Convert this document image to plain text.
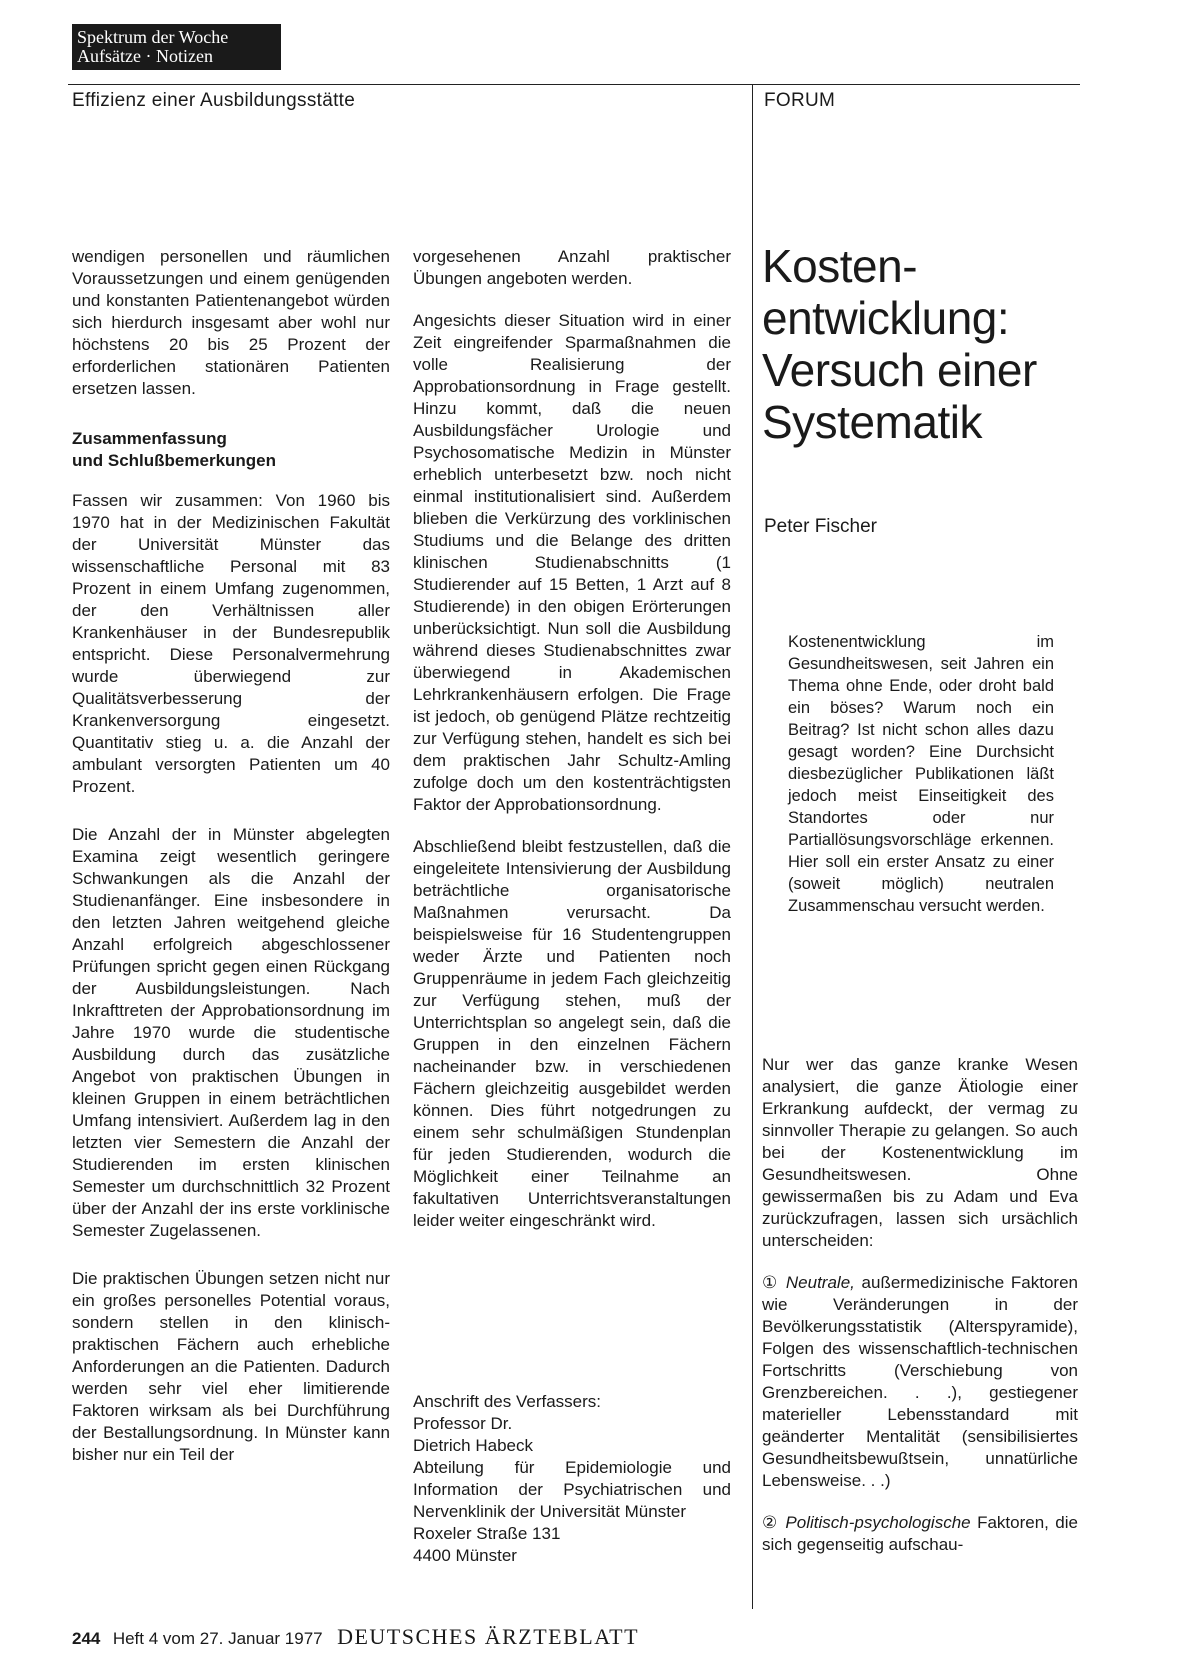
Spektrum der Woche
Aufsätze · Notizen
Effizienz einer Ausbildungsstätte	FORUM

wendigen personellen und räumlichen Voraussetzungen und einem genügenden und konstanten Patientenangebot würden sich hierdurch insgesamt aber wohl nur höchstens 20 bis 25 Prozent der erforderlichen stationären Patienten ersetzen lassen.

Zusammenfassung
und Schlußbemerkungen

Fassen wir zusammen: Von 1960 bis 1970 hat in der Medizinischen Fakultät der Universität Münster das wissenschaftliche Personal mit 83 Prozent in einem Umfang zugenommen, der den Verhältnissen aller Krankenhäuser in der Bundesrepublik entspricht. Diese Personalvermehrung wurde überwiegend zur Qualitätsverbesserung der Krankenversorgung eingesetzt. Quantitativ stieg u. a. die Anzahl der ambulant versorgten Patienten um 40 Prozent.

Die Anzahl der in Münster abgelegten Examina zeigt wesentlich geringere Schwankungen als die Anzahl der Studienanfänger. Eine insbesondere in den letzten Jahren weitgehend gleiche Anzahl erfolgreich abgeschlossener Prüfungen spricht gegen einen Rückgang der Ausbildungsleistungen. Nach Inkrafttreten der Approbationsordnung im Jahre 1970 wurde die studentische Ausbildung durch das zusätzliche Angebot von praktischen Übungen in kleinen Gruppen in einem beträchtlichen Umfang intensiviert. Außerdem lag in den letzten vier Semestern die Anzahl der Studierenden im ersten klinischen Semester um durchschnittlich 32 Prozent über der Anzahl der ins erste vorklinische Semester Zugelassenen.

Die praktischen Übungen setzen nicht nur ein großes personelles Potential voraus, sondern stellen in den klinisch-praktischen Fächern auch erhebliche Anforderungen an die Patienten. Dadurch werden sehr viel eher limitierende Faktoren wirksam als bei Durchführung der Bestallungsordnung. In Münster kann bisher nur ein Teil der

vorgesehenen Anzahl praktischer Übungen angeboten werden.

Angesichts dieser Situation wird in einer Zeit eingreifender Sparmaßnahmen die volle Realisierung der Approbationsordnung in Frage gestellt. Hinzu kommt, daß die neuen Ausbildungsfächer Urologie und Psychosomatische Medizin in Münster erheblich unterbesetzt bzw. noch nicht einmal institutionalisiert sind. Außerdem blieben die Verkürzung des vorklinischen Studiums und die Belange des dritten klinischen Studienabschnitts (1 Studierender auf 15 Betten, 1 Arzt auf 8 Studierende) in den obigen Erörterungen unberücksichtigt. Nun soll die Ausbildung während dieses Studienabschnittes zwar überwiegend in Akademischen Lehrkrankenhäusern erfolgen. Die Frage ist jedoch, ob genügend Plätze rechtzeitig zur Verfügung stehen, handelt es sich bei dem praktischen Jahr Schultz-Amling zufolge doch um den kostenträchtigsten Faktor der Approbationsordnung.

Abschließend bleibt festzustellen, daß die eingeleitete Intensivierung der Ausbildung beträchtliche organisatorische Maßnahmen verursacht. Da beispielsweise für 16 Studentengruppen weder Ärzte und Patienten noch Gruppenräume in jedem Fach gleichzeitig zur Verfügung stehen, muß der Unterrichtsplan so angelegt sein, daß die Gruppen in den einzelnen Fächern nacheinander bzw. in verschiedenen Fächern gleichzeitig ausgebildet werden können. Dies führt notgedrungen zu einem sehr schulmäßigen Stundenplan für jeden Studierenden, wodurch die Möglichkeit einer Teilnahme an fakultativen Unterrichtsveranstaltungen leider weiter eingeschränkt wird.

Anschrift des Verfassers:
Professor Dr.
Dietrich Habeck
Abteilung für Epidemiologie und Information der Psychiatrischen und Nervenklinik der Universität Münster
Roxeler Straße 131
4400 Münster
Kosten-
entwicklung:
Versuch einer
Systematik
Peter Fischer
Kostenentwicklung im Gesundheitswesen, seit Jahren ein Thema ohne Ende, oder droht bald ein böses? Warum noch ein Beitrag? Ist nicht schon alles dazu gesagt worden? Eine Durchsicht diesbezüglicher Publikationen läßt jedoch meist Einseitigkeit des Standortes oder nur Partiallösungsvorschläge erkennen. Hier soll ein erster Ansatz zu einer (soweit möglich) neutralen Zusammenschau versucht werden.

Nur wer das ganze kranke Wesen analysiert, die ganze Ätiologie einer Erkrankung aufdeckt, der vermag zu sinnvoller Therapie zu gelangen. So auch bei der Kostenentwicklung im Gesundheitswesen. Ohne gewissermaßen bis zu Adam und Eva zurückzufragen, lassen sich ursächlich unterscheiden:

① Neutrale, außermedizinische Faktoren wie Veränderungen in der Bevölkerungsstatistik (Alterspyramide), Folgen des wissenschaftlich-technischen Fortschritts (Verschiebung von Grenzbereichen. . .), gestiegener materieller Lebensstandard mit geänderter Mentalität (sensibilisiertes Gesundheitsbewußtsein, unnatürliche Lebensweise. . .)

② Politisch-psychologische Faktoren, die sich gegenseitig aufschau-

244 Heft 4 vom 27. Januar 1977 DEUTSCHES ÄRZTEBLATT
